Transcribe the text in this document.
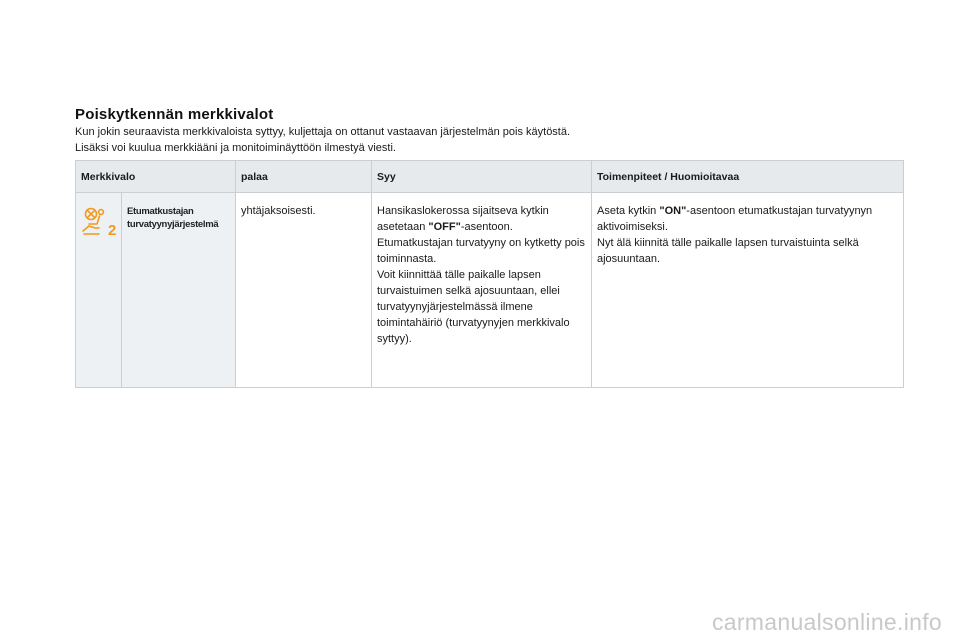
Poiskytkennän merkkivalot
Kun jokin seuraavista merkkivaloista syttyy, kuljettaja on ottanut vastaavan järjestelmän pois käytöstä.
Lisäksi voi kuulua merkkiääni ja monitoiminäyttöön ilmestyä viesti.
Merkkivalo		palaa	Syy	Toimenpiteet / Huomioitavaa

2	Etumatkustajan
turvatyynyjärjestelmä	yhtäjaksoisesti.	Hansikaslokerossa sijaitseva kytkin asetetaan "OFF"-asentoon.
Etumatkustajan turvatyyny on kytketty pois toiminnasta.
Voit kiinnittää tälle paikalle lapsen turvaistuimen selkä ajosuuntaan, ellei turvatyynyjärjestelmässä ilmene toimintahäiriö (turvatyynyjen merkkivalo syttyy).	Aseta kytkin "ON"-asentoon etumatkustajan turvatyynyn aktivoimiseksi.
Nyt älä kiinnitä tälle paikalle lapsen turvaistuinta selkä ajosuuntaan.
carmanualsonline.info
